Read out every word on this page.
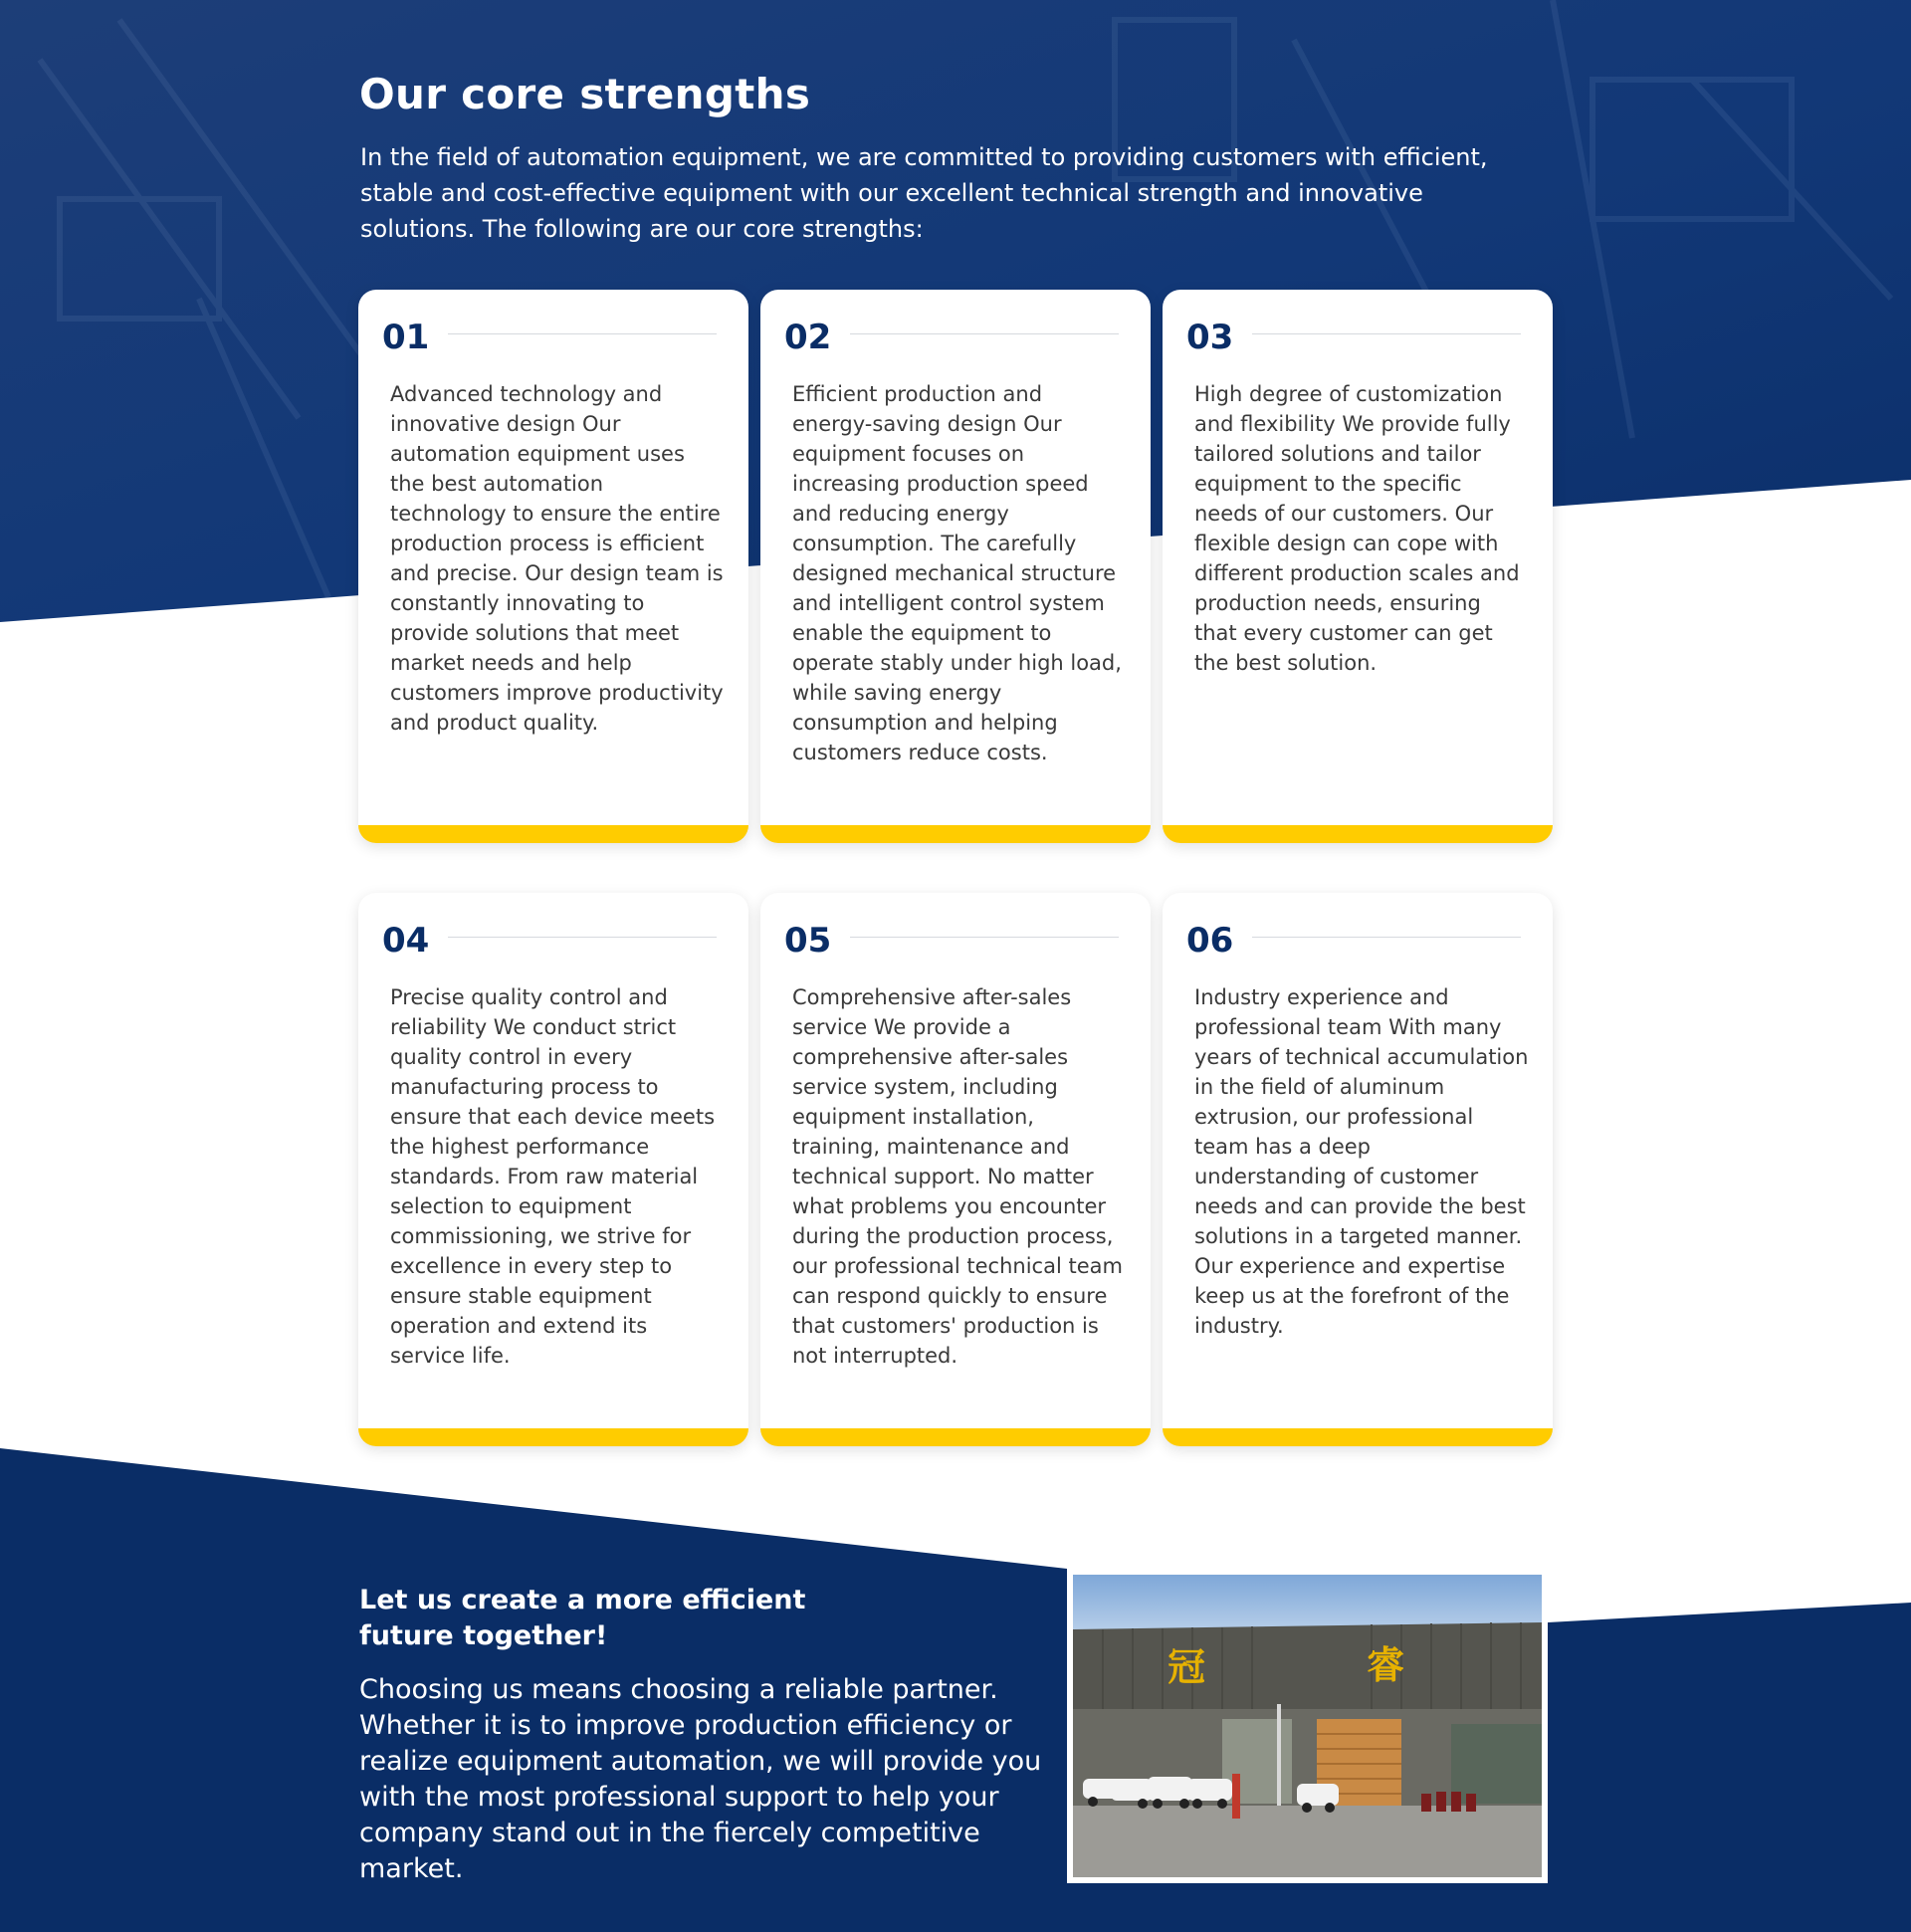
Our core strengths

In the field of automation equipment, we are committed to providing customers with efficient, stable and cost-effective equipment with our excellent technical strength and innovative solutions. The following are our core strengths:

01

Advanced technology and innovative design Our automation equipment uses the best automation technology to ensure the entire production process is efficient and precise. Our design team is constantly innovating to provide solutions that meet market needs and help customers improve productivity and product quality.

02

Efficient production and energy-saving design Our equipment focuses on increasing production speed and reducing energy consumption. The carefully designed mechanical structure and intelligent control system enable the equipment to operate stably under high load, while saving energy consumption and helping customers reduce costs.

03

High degree of customization and flexibility We provide fully tailored solutions and tailor equipment to the specific needs of our customers. Our flexible design can cope with different production scales and production needs, ensuring that every customer can get the best solution.

04

Precise quality control and reliability We conduct strict quality control in every manufacturing process to ensure that each device meets the highest performance standards. From raw material selection to equipment commissioning, we strive for excellence in every step to ensure stable equipment operation and extend its service life.

05

Comprehensive after-sales service We provide a comprehensive after-sales service system, including equipment installation, training, maintenance and technical support. No matter what problems you encounter during the production process, our professional technical team can respond quickly to ensure that customers' production is not interrupted.

06

Industry experience and professional team With many years of technical accumulation in the field of aluminum extrusion, our professional team has a deep understanding of customer needs and can provide the best solutions in a targeted manner. Our experience and expertise keep us at the forefront of the industry.

Let us create a more efficient future together!

Choosing us means choosing a reliable partner. Whether it is to improve production efficiency or realize equipment automation, we will provide you with the most professional support to help your company stand out in the fiercely competitive market.

冠	睿
